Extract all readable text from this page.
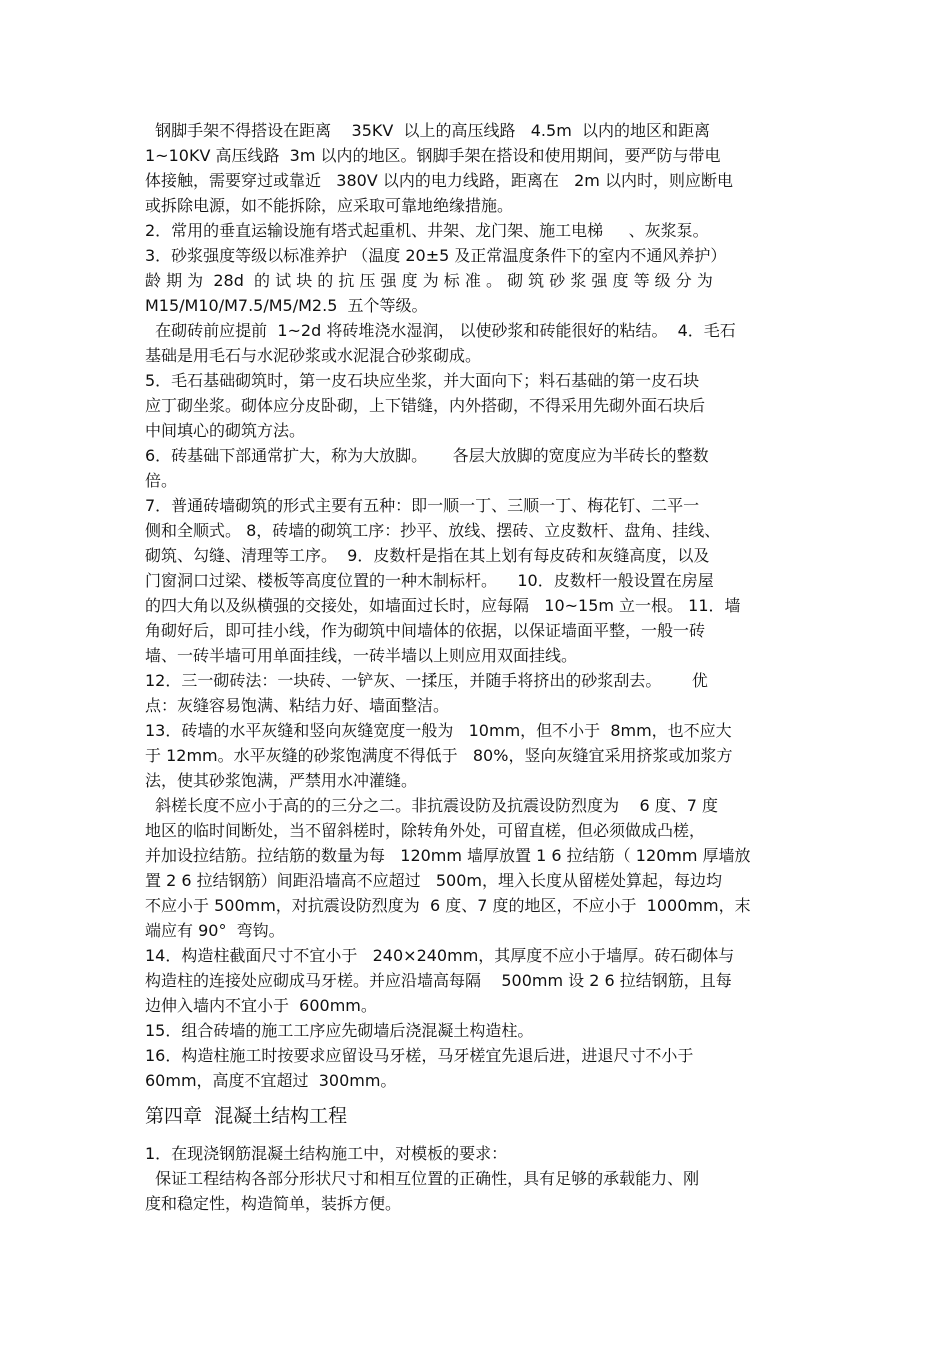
钢脚手架不得搭设在距离    35KV  以上的高压线路   4.5m  以内的地区和距离
1~10KV 高压线路  3m 以内的地区。钢脚手架在搭设和使用期间，要严防与带电
体接触，需要穿过或靠近   380V 以内的电力线路，距离在   2m 以内时，则应断电
或拆除电源，如不能拆除，应采取可靠地绝缘措施。
2．常用的垂直运输设施有塔式起重机、井架、龙门架、施工电梯     、灰浆泵。
3．砂浆强度等级以标准养护 （温度 20±5 及正常温度条件下的室内不通风养护）
龄 期 为  28d  的 试 块 的 抗 压 强 度 为 标 准 。 砌 筑 砂 浆 强 度 等 级 分 为
M15/M10/M7.5/M5/M2.5  五个等级。
在砌砖前应提前  1~2d 将砖堆浇水湿润， 以使砂浆和砖能很好的粘结。  4．毛石
基础是用毛石与水泥砂浆或水泥混合砂浆砌成。
5．毛石基础砌筑时，第一皮石块应坐浆，并大面向下；料石基础的第一皮石块
应丁砌坐浆。砌体应分皮卧砌，上下错缝，内外搭砌，不得采用先砌外面石块后
中间填心的砌筑方法。
6．砖基础下部通常扩大，称为大放脚。     各层大放脚的宽度应为半砖长的整数
倍。
7．普通砖墙砌筑的形式主要有五种：即一顺一丁、三顺一丁、梅花钉、二平一
侧和全顺式。 8，砖墙的砌筑工序：抄平、放线、摆砖、立皮数杆、盘角、挂线、
砌筑、勾缝、清理等工序。  9．皮数杆是指在其上划有每皮砖和灰缝高度，以及
门窗洞口过梁、楼板等高度位置的一种木制标杆。    10．皮数杆一般设置在房屋
的四大角以及纵横强的交接处，如墙面过长时，应每隔   10~15m 立一根。 11．墙
角砌好后，即可挂小线，作为砌筑中间墙体的依据，以保证墙面平整，一般一砖
墙、一砖半墙可用单面挂线，一砖半墙以上则应用双面挂线。
12．三一砌砖法：一块砖、一铲灰、一揉压，并随手将挤出的砂浆刮去。      优
点：灰缝容易饱满、粘结力好、墙面整洁。
13．砖墙的水平灰缝和竖向灰缝宽度一般为   10mm，但不小于  8mm，也不应大
于 12mm。水平灰缝的砂浆饱满度不得低于   80%，竖向灰缝宜采用挤浆或加浆方
法，使其砂浆饱满，严禁用水冲灌缝。
斜槎长度不应小于高的的三分之二。非抗震设防及抗震设防烈度为    6 度、7 度
地区的临时间断处，当不留斜槎时，除转角外处，可留直槎，但必须做成凸槎，
并加设拉结筋。拉结筋的数量为每   120mm 墙厚放置 1 6 拉结筋（ 120mm 厚墙放
置 2 6 拉结钢筋）间距沿墙高不应超过   500m，埋入长度从留槎处算起，每边均
不应小于 500mm，对抗震设防烈度为  6 度、7 度的地区，不应小于  1000mm，末
端应有 90°  弯钩。
14．构造柱截面尺寸不宜小于   240×240mm，其厚度不应小于墙厚。砖石砌体与
构造柱的连接处应砌成马牙槎。并应沿墙高每隔    500mm 设 2 6 拉结钢筋，且每
边伸入墙内不宜小于  600mm。
15．组合砖墙的施工工序应先砌墙后浇混凝土构造柱。
16．构造柱施工时按要求应留设马牙槎，马牙槎宜先退后进，进退尺寸不小于
60mm，高度不宜超过  300mm。
第四章  混凝土结构工程
1．在现浇钢筋混凝土结构施工中，对模板的要求：
保证工程结构各部分形状尺寸和相互位置的正确性，具有足够的承载能力、刚
度和稳定性，构造简单，装拆方便。
